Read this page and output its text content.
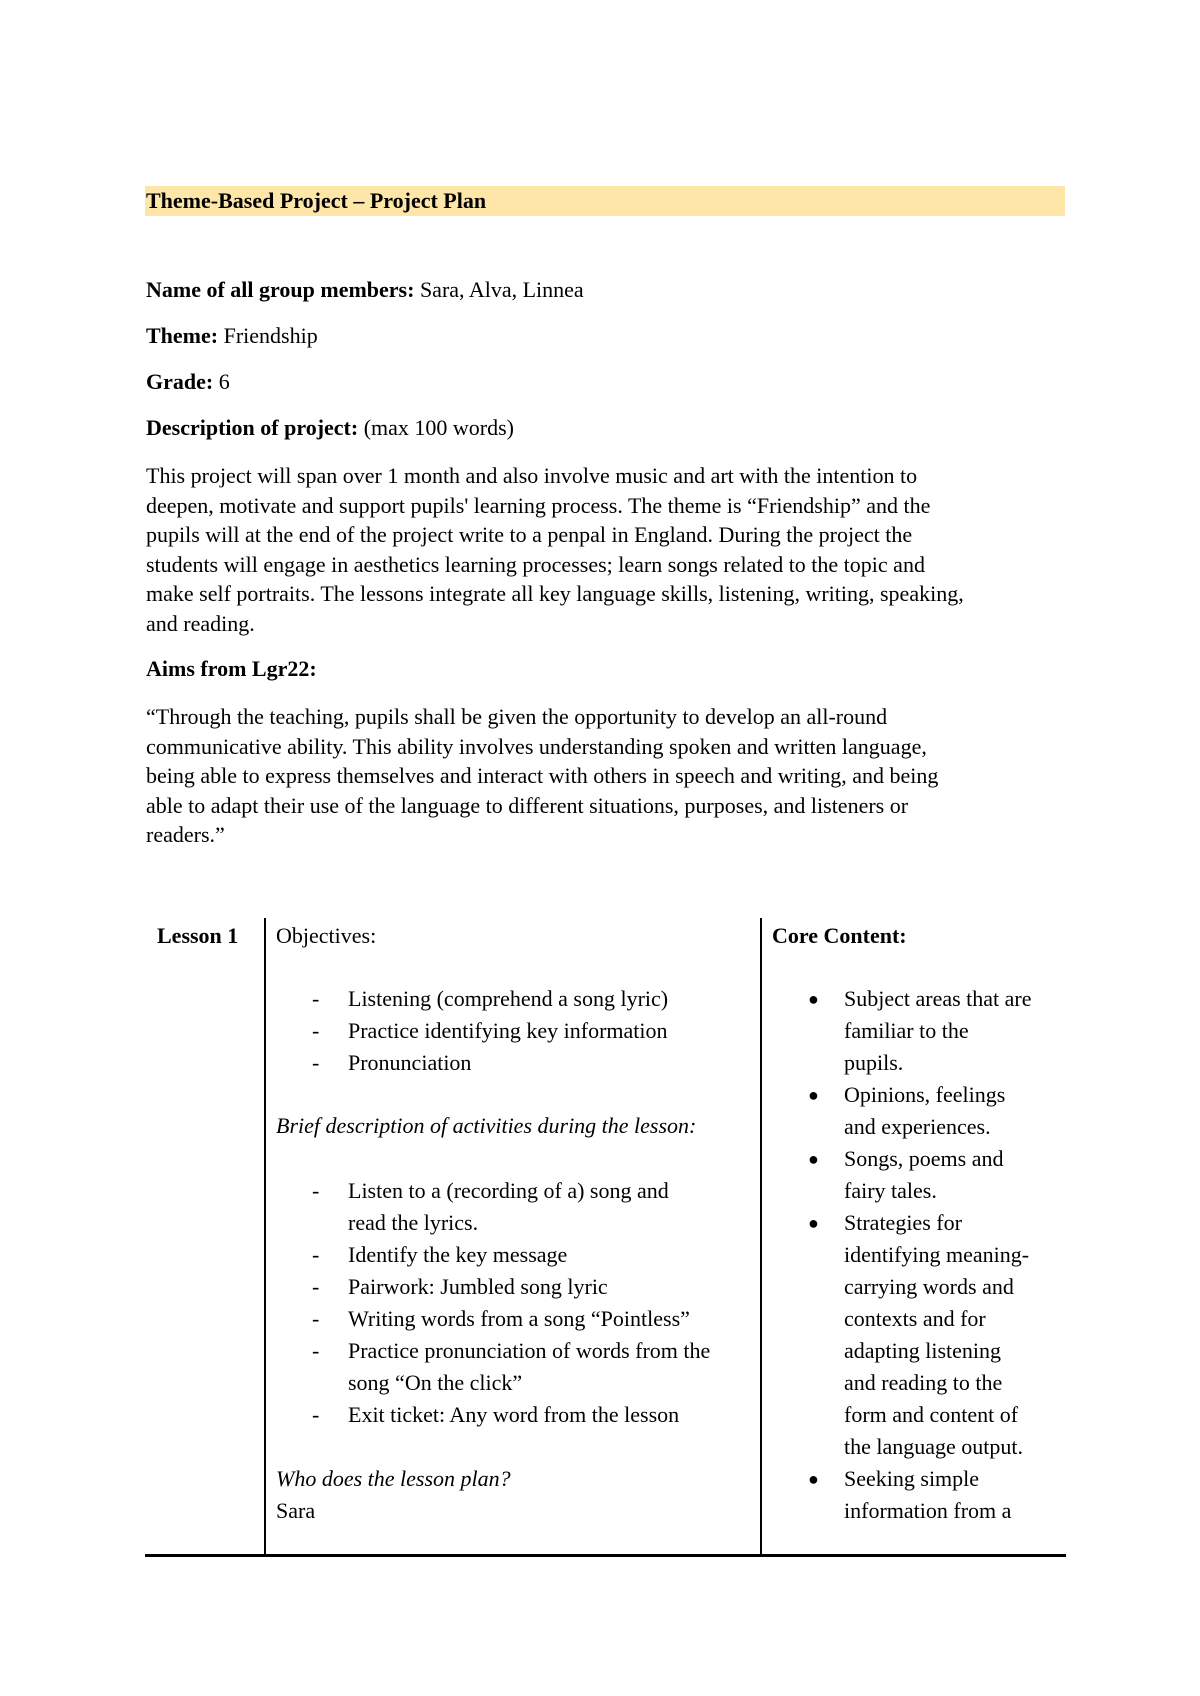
Theme-Based Project – Project Plan
Name of all group members: Sara, Alva, Linnea
Theme: Friendship
Grade: 6
Description of project: (max 100 words)
This project will span over 1 month and also involve music and art with the intention to
deepen, motivate and support pupils' learning process. The theme is “Friendship” and the
pupils will at the end of the project write to a penpal in England. During the project the
students will engage in aesthetics learning processes; learn songs related to the topic and
make self portraits. The lessons integrate all key language skills, listening, writing, speaking,
and reading.
Aims from Lgr22:
“Through the teaching, pupils shall be given the opportunity to develop an all-round
communicative ability. This ability involves understanding spoken and written language,
being able to express themselves and interact with others in speech and writing, and being
able to adapt their use of the language to different situations, purposes, and listeners or
readers.”
Lesson 1 Objectives:
- Listening (comprehend a song lyric)
- Practice identifying key information
- Pronunciation
Brief description of activities during the lesson:
- Listen to a (recording of a) song and
read the lyrics.
- Identify the key message
- Pairwork: Jumbled song lyric
- Writing words from a song “Pointless”
- Practice pronunciation of words from the
song “On the click”
- Exit ticket: Any word from the lesson
Who does the lesson plan?
Sara
Core Content:
● Subject areas that are
familiar to the
pupils.
● Opinions, feelings
and experiences.
● Songs, poems and
fairy tales.
● Strategies for
identifying meaning-
carrying words and
contexts and for
adapting listening
and reading to the
form and content of
the language output.
● Seeking simple
information from a
